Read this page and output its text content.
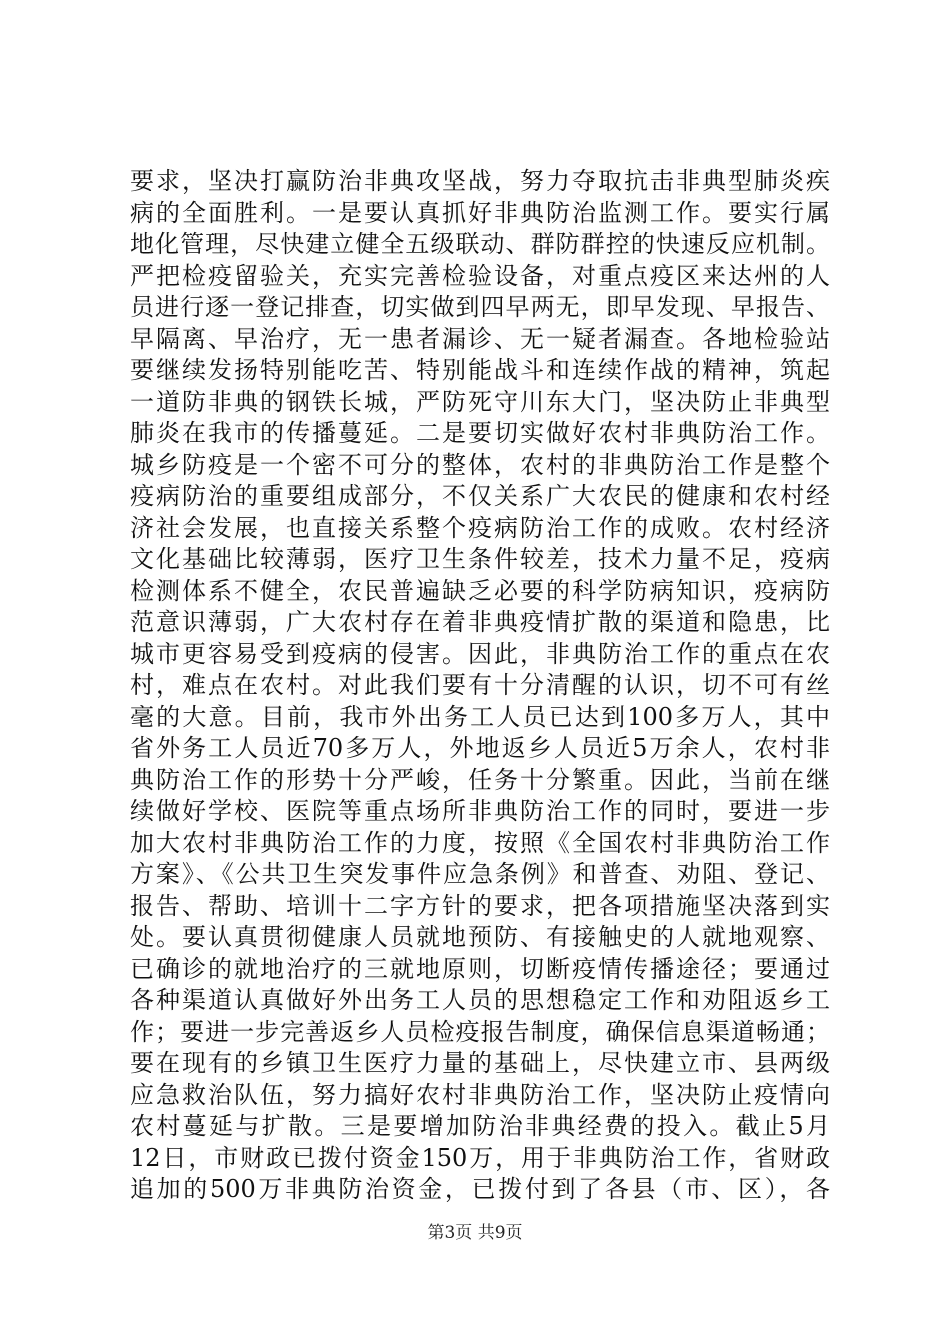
要求，坚决打赢防治非典攻坚战，努力夺取抗击非典型肺炎疾
病的全面胜利。一是要认真抓好非典防治监测工作。要实行属
地化管理，尽快建立健全五级联动、群防群控的快速反应机制。
严把检疫留验关，充实完善检验设备，对重点疫区来达州的人
员进行逐一登记排查，切实做到四早两无，即早发现、早报告、
早隔离、早治疗，无一患者漏诊、无一疑者漏查。各地检验站
要继续发扬特别能吃苦、特别能战斗和连续作战的精神，筑起
一道防非典的钢铁长城，严防死守川东大门，坚决防止非典型
肺炎在我市的传播蔓延。二是要切实做好农村非典防治工作。
城乡防疫是一个密不可分的整体，农村的非典防治工作是整个
疫病防治的重要组成部分，不仅关系广大农民的健康和农村经
济社会发展，也直接关系整个疫病防治工作的成败。农村经济
文化基础比较薄弱，医疗卫生条件较差，技术力量不足，疫病
检测体系不健全，农民普遍缺乏必要的科学防病知识，疫病防
范意识薄弱，广大农村存在着非典疫情扩散的渠道和隐患，比
城市更容易受到疫病的侵害。因此，非典防治工作的重点在农
村，难点在农村。对此我们要有十分清醒的认识，切不可有丝
毫的大意。目前，我市外出务工人员已达到100多万人，其中
省外务工人员近70多万人，外地返乡人员近5万余人，农村非
典防治工作的形势十分严峻，任务十分繁重。因此，当前在继
续做好学校、医院等重点场所非典防治工作的同时，要进一步
加大农村非典防治工作的力度，按照《全国农村非典防治工作
方案》、《公共卫生突发事件应急条例》和普查、劝阻、登记、
报告、帮助、培训十二字方针的要求，把各项措施坚决落到实
处。要认真贯彻健康人员就地预防、有接触史的人就地观察、
已确诊的就地治疗的三就地原则，切断疫情传播途径；要通过
各种渠道认真做好外出务工人员的思想稳定工作和劝阻返乡工
作；要进一步完善返乡人员检疫报告制度，确保信息渠道畅通；
要在现有的乡镇卫生医疗力量的基础上，尽快建立市、县两级
应急救治队伍，努力搞好农村非典防治工作，坚决防止疫情向
农村蔓延与扩散。三是要增加防治非典经费的投入。截止5月
12日，市财政已拨付资金150万，用于非典防治工作，省财政
追加的500万非典防治资金，已拨付到了各县（市、区），各
第3页 共9页
